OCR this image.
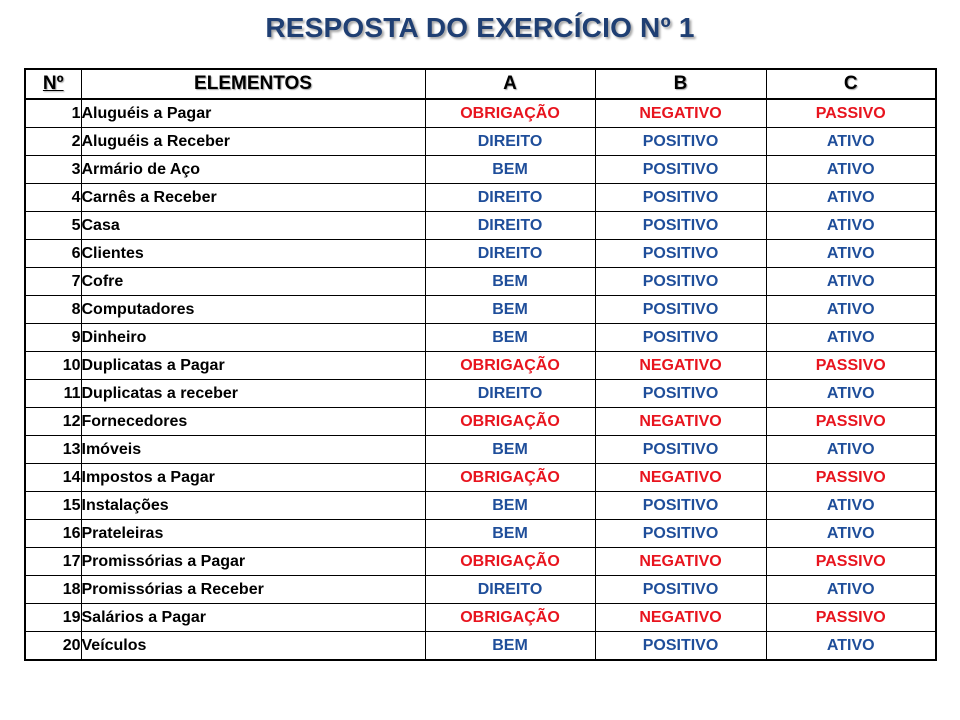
RESPOSTA DO EXERCÍCIO Nº 1
Nº	ELEMENTOS	A	B	C
1	Aluguéis a Pagar	OBRIGAÇÃO	NEGATIVO	PASSIVO
2	Aluguéis a Receber	DIREITO	POSITIVO	ATIVO
3	Armário de Aço	BEM	POSITIVO	ATIVO
4	Carnês a Receber	DIREITO	POSITIVO	ATIVO
5	Casa	DIREITO	POSITIVO	ATIVO
6	Clientes	DIREITO	POSITIVO	ATIVO
7	Cofre	BEM	POSITIVO	ATIVO
8	Computadores	BEM	POSITIVO	ATIVO
9	Dinheiro	BEM	POSITIVO	ATIVO
10	Duplicatas a Pagar	OBRIGAÇÃO	NEGATIVO	PASSIVO
11	Duplicatas a receber	DIREITO	POSITIVO	ATIVO
12	Fornecedores	OBRIGAÇÃO	NEGATIVO	PASSIVO
13	Imóveis	BEM	POSITIVO	ATIVO
14	Impostos a Pagar	OBRIGAÇÃO	NEGATIVO	PASSIVO
15	Instalações	BEM	POSITIVO	ATIVO
16	Prateleiras	BEM	POSITIVO	ATIVO
17	Promissórias a Pagar	OBRIGAÇÃO	NEGATIVO	PASSIVO
18	Promissórias a Receber	DIREITO	POSITIVO	ATIVO
19	Salários a Pagar	OBRIGAÇÃO	NEGATIVO	PASSIVO
20	Veículos	BEM	POSITIVO	ATIVO
